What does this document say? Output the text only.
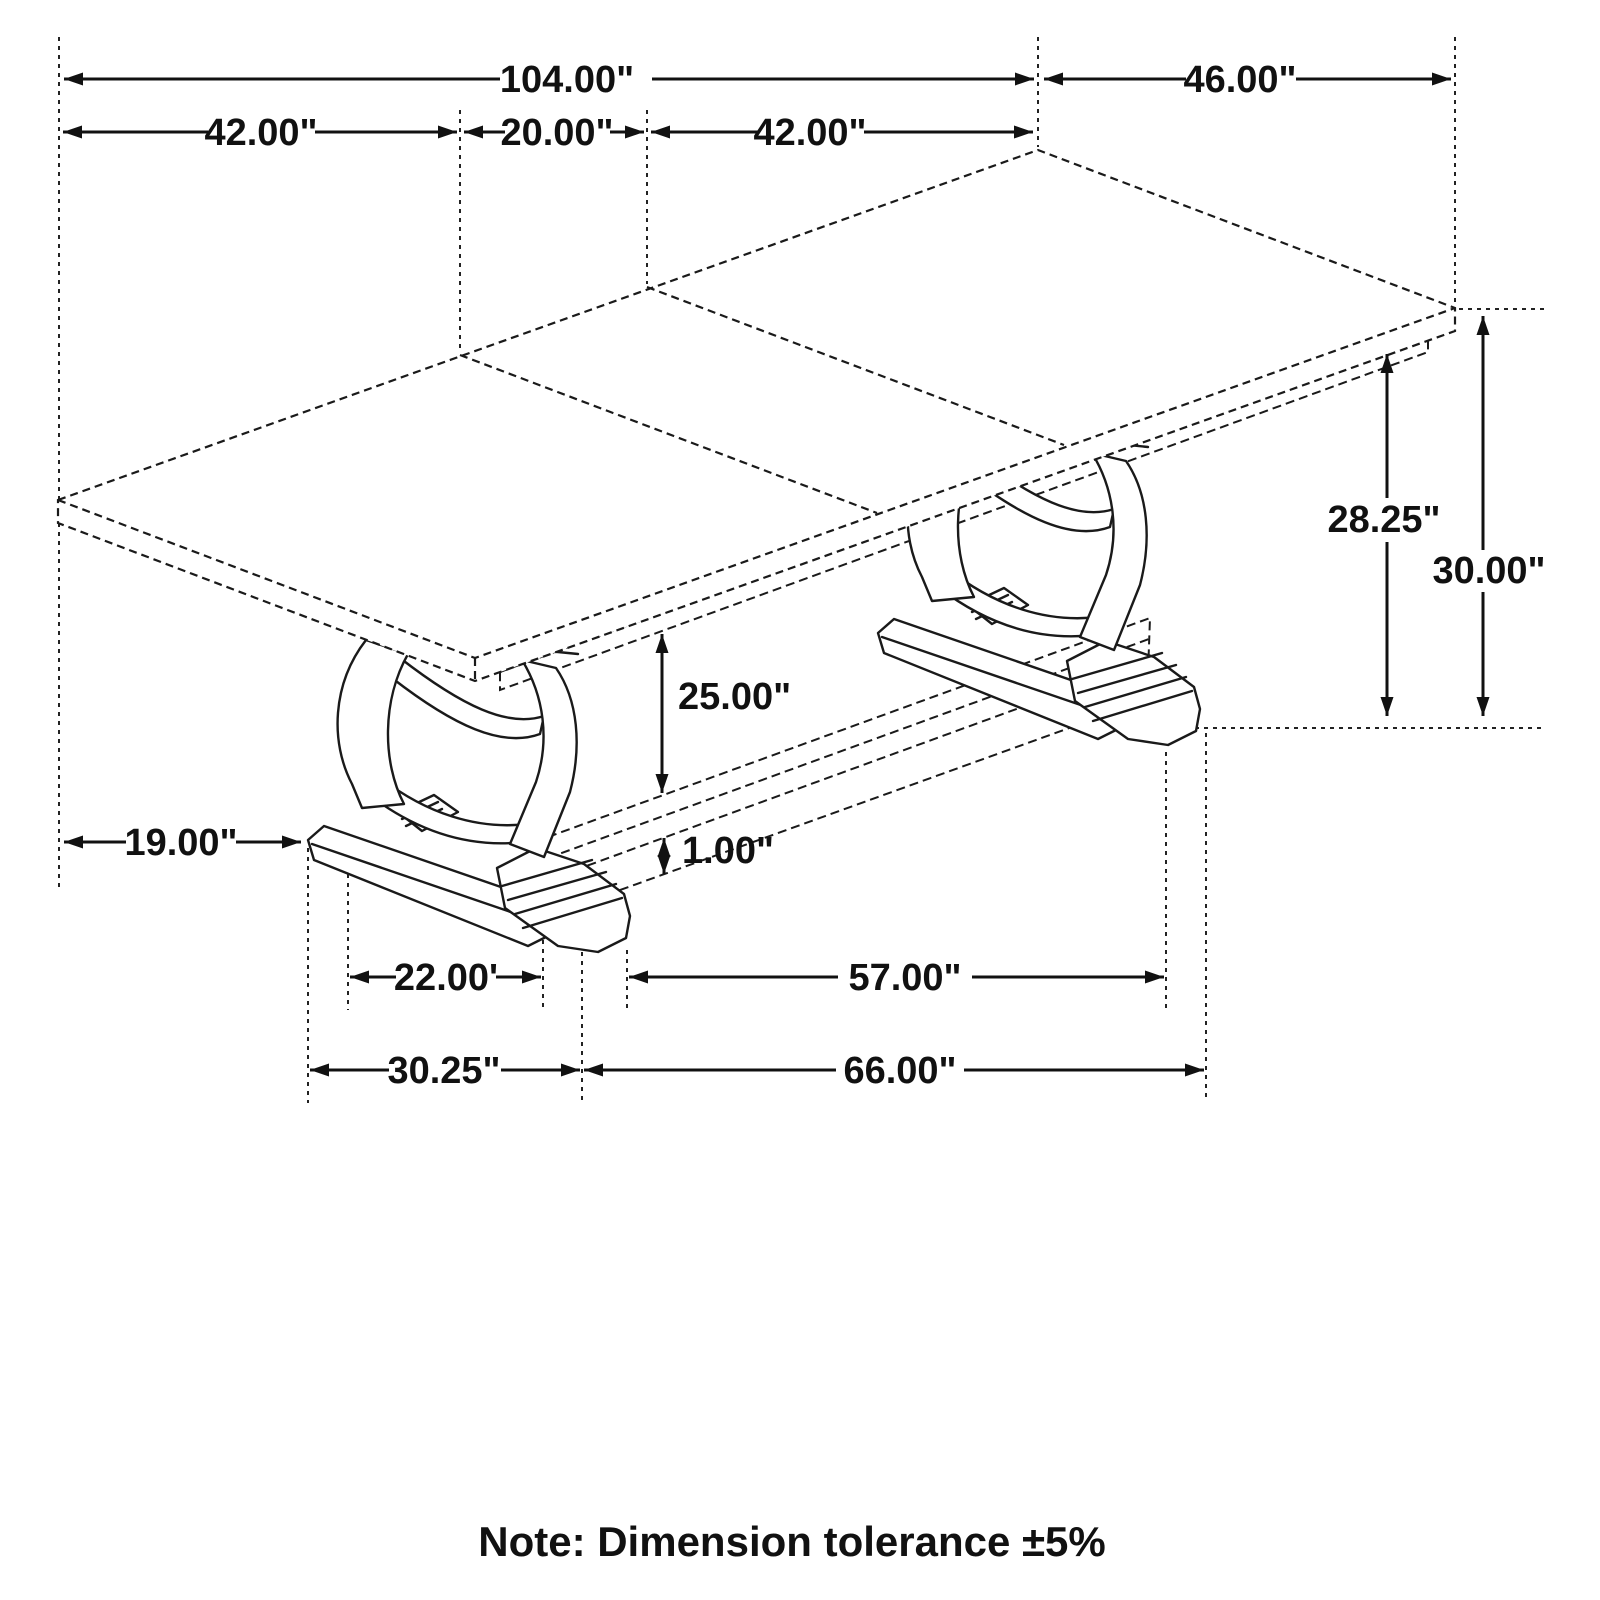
104.00"	46.00"
42.00"	20.00"	42.00"
28.25"
30.00"
25.00"
1.00"
19.00"
22.00'	57.00"
30.25"	66.00"
Note: Dimension tolerance ±5%
